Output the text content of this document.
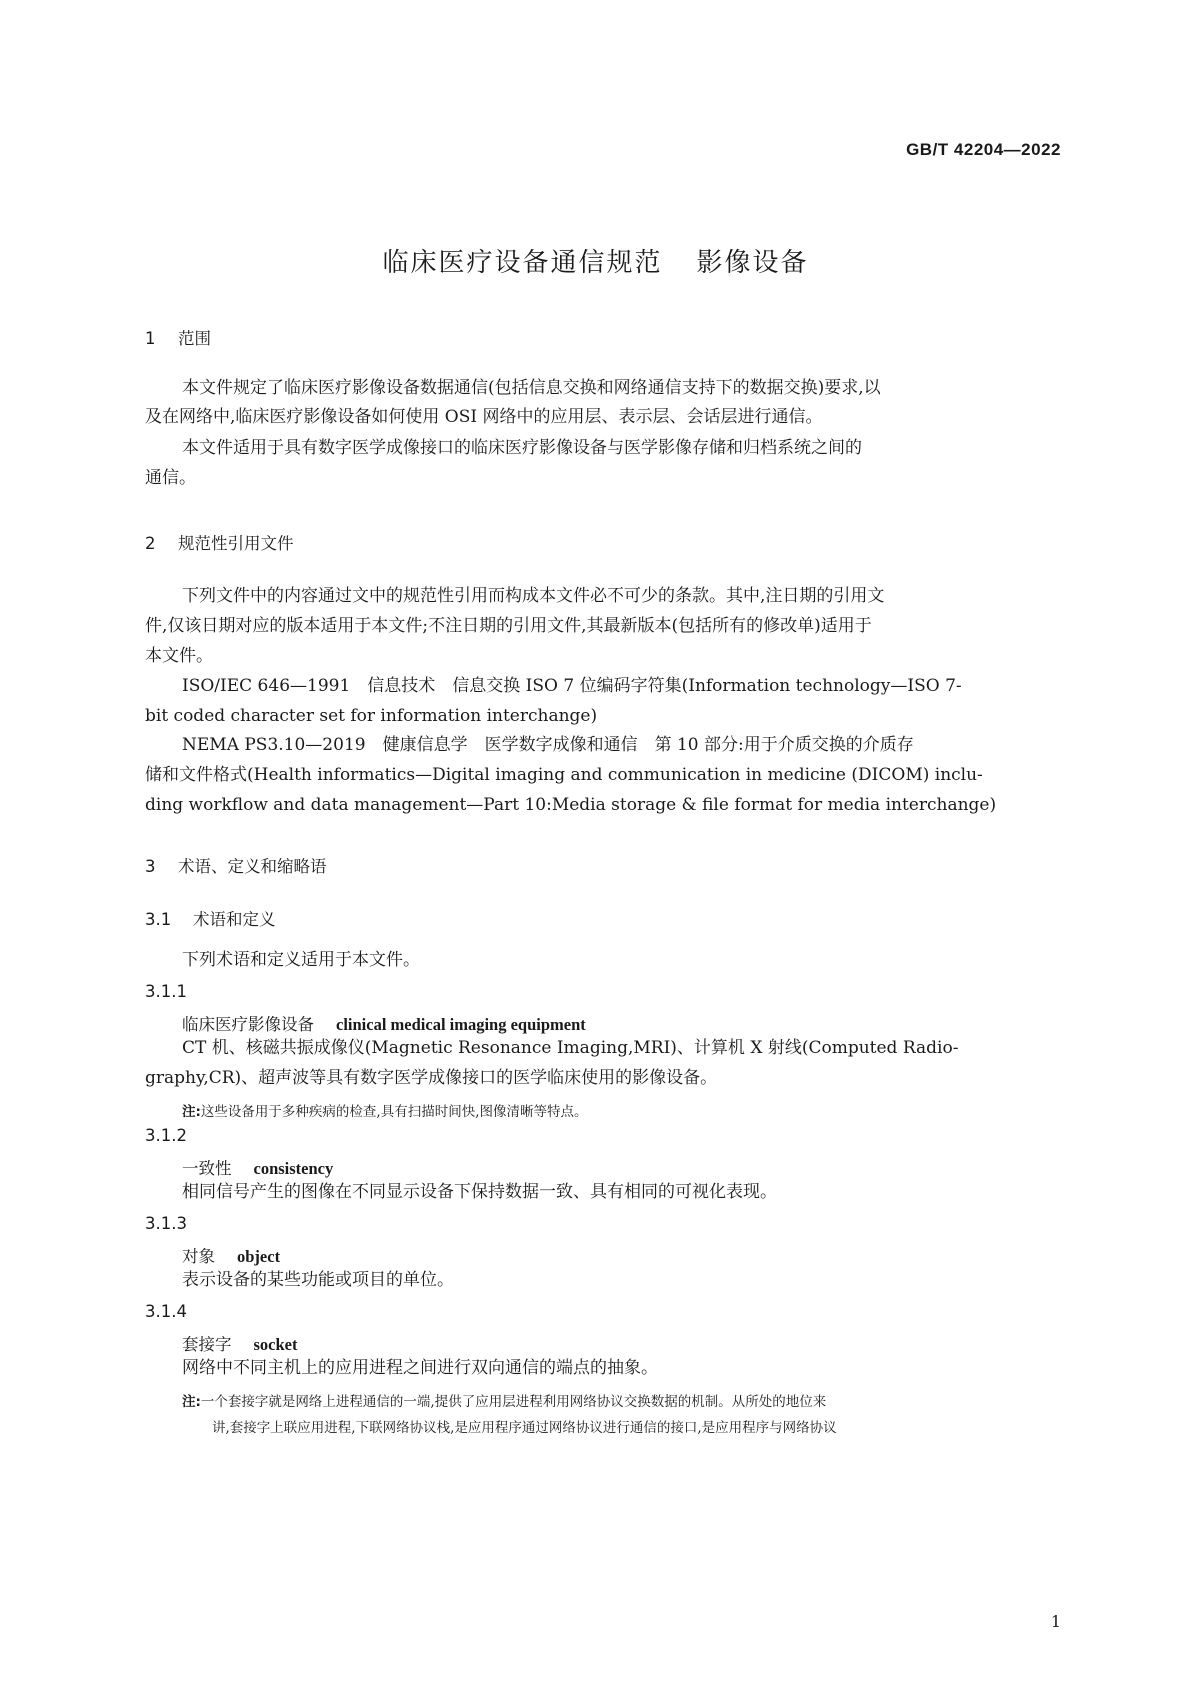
GB/T 42204—2022
临床医疗设备通信规范 影像设备
1 范围
本文件规定了临床医疗影像设备数据通信(包括信息交换和网络通信支持下的数据交换)要求,以
及在网络中,临床医疗影像设备如何使用 OSI 网络中的应用层、表示层、会话层进行通信。
本文件适用于具有数字医学成像接口的临床医疗影像设备与医学影像存储和归档系统之间的
通信。
2 规范性引用文件
下列文件中的内容通过文中的规范性引用而构成本文件必不可少的条款。其中,注日期的引用文
件,仅该日期对应的版本适用于本文件;不注日期的引用文件,其最新版本(包括所有的修改单)适用于
本文件。
ISO/IEC 646—1991　信息技术　信息交换 ISO 7 位编码字符集(Information technology—ISO 7-
bit coded character set for information interchange)
NEMA PS3.10—2019　健康信息学　医学数字成像和通信　第 10 部分:用于介质交换的介质存
储和文件格式(Health informatics—Digital imaging and communication in medicine (DICOM) inclu-
ding workflow and data management—Part 10:Media storage & file format for media interchange)
3 术语、定义和缩略语
3.1 术语和定义
下列术语和定义适用于本文件。
3.1.1
临床医疗影像设备 clinical medical imaging equipment
CT 机、核磁共振成像仪(Magnetic Resonance Imaging,MRI)、计算机 X 射线(Computed Radio-
graphy,CR)、超声波等具有数字医学成像接口的医学临床使用的影像设备。
注:这些设备用于多种疾病的检查,具有扫描时间快,图像清晰等特点。
3.1.2
一致性 consistency
相同信号产生的图像在不同显示设备下保持数据一致、具有相同的可视化表现。
3.1.3
对象 object
表示设备的某些功能或项目的单位。
3.1.4
套接字 socket
网络中不同主机上的应用进程之间进行双向通信的端点的抽象。
注:一个套接字就是网络上进程通信的一端,提供了应用层进程利用网络协议交换数据的机制。从所处的地位来
讲,套接字上联应用进程,下联网络协议栈,是应用程序通过网络协议进行通信的接口,是应用程序与网络协议
1
